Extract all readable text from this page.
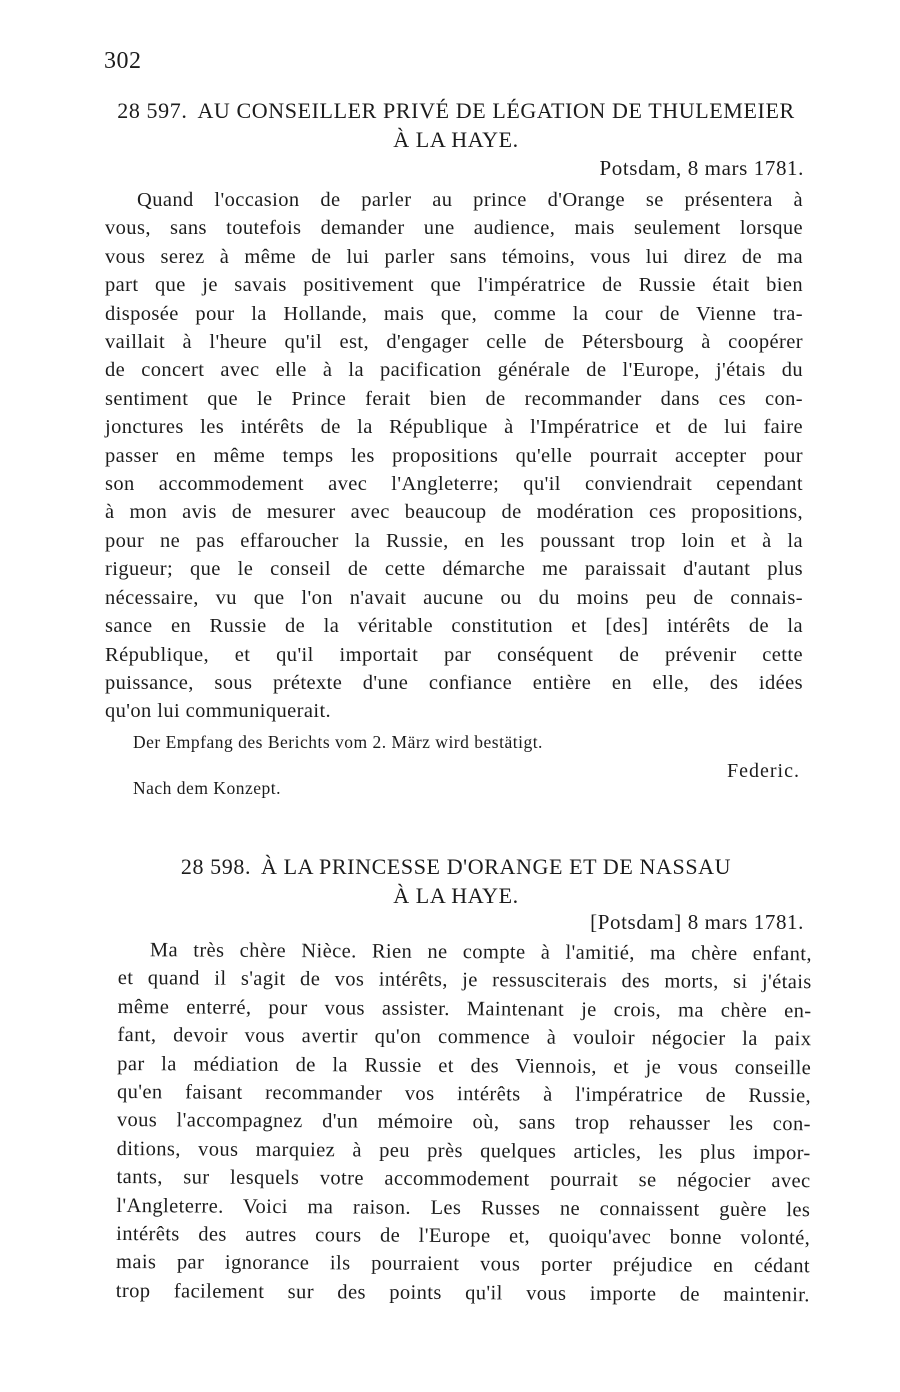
302
28 597. AU CONSEILLER PRIVÉ DE LÉGATION DE THULEMEIER
À LA HAYE.
Potsdam, 8 mars 1781.
Quand l'occasion de parler au prince d'Orange se présentera à
vous, sans toutefois demander une audience, mais seulement lorsque
vous serez à même de lui parler sans témoins, vous lui direz de ma
part que je savais positivement que l'impératrice de Russie était bien
disposée pour la Hollande, mais que, comme la cour de Vienne tra-
vaillait à l'heure qu'il est, d'engager celle de Pétersbourg à coopérer
de concert avec elle à la pacification générale de l'Europe, j'étais du
sentiment que le Prince ferait bien de recommander dans ces con-
jonctures les intérêts de la République à l'Impératrice et de lui faire
passer en même temps les propositions qu'elle pourrait accepter pour
son accommodement avec l'Angleterre; qu'il conviendrait cependant
à mon avis de mesurer avec beaucoup de modération ces propositions,
pour ne pas effaroucher la Russie, en les poussant trop loin et à la
rigueur; que le conseil de cette démarche me paraissait d'autant plus
nécessaire, vu que l'on n'avait aucune ou du moins peu de connais-
sance en Russie de la véritable constitution et [des] intérêts de la
République, et qu'il importait par conséquent de prévenir cette
puissance, sous prétexte d'une confiance entière en elle, des idées
qu'on lui communiquerait.
Der Empfang des Berichts vom 2. März wird bestätigt.
Federic.
Nach dem Konzept.
28 598. À LA PRINCESSE D'ORANGE ET DE NASSAU
À LA HAYE.
[Potsdam] 8 mars 1781.
Ma très chère Nièce. Rien ne compte à l'amitié, ma chère enfant,
et quand il s'agit de vos intérêts, je ressusciterais des morts, si j'étais
même enterré, pour vous assister. Maintenant je crois, ma chère en-
fant, devoir vous avertir qu'on commence à vouloir négocier la paix
par la médiation de la Russie et des Viennois, et je vous conseille
qu'en faisant recommander vos intérêts à l'impératrice de Russie,
vous l'accompagnez d'un mémoire où, sans trop rehausser les con-
ditions, vous marquiez à peu près quelques articles, les plus impor-
tants, sur lesquels votre accommodement pourrait se négocier avec
l'Angleterre. Voici ma raison. Les Russes ne connaissent guère les
intérêts des autres cours de l'Europe et, quoiqu'avec bonne volonté,
mais par ignorance ils pourraient vous porter préjudice en cédant
trop facilement sur des points qu'il vous importe de maintenir.
